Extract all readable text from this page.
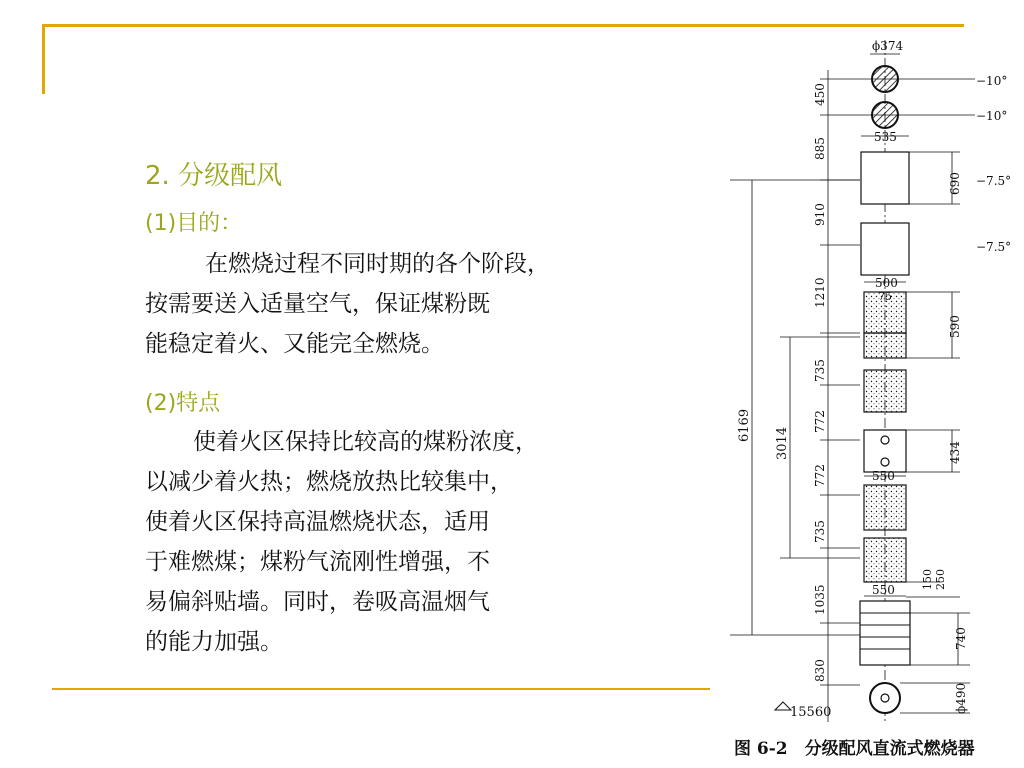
2. 分级配风
(1)目的：
在燃烧过程不同时期的各个阶段，
按需要送入适量空气，保证煤粉既
能稳定着火、又能完全燃烧。
(2)特点
使着火区保持比较高的煤粉浓度，
以减少着火热；燃烧放热比较集中，
使着火区保持高温燃烧状态，适用
于难燃煤；煤粉气流刚性增强，不
易偏斜贴墙。同时，卷吸高温烟气
的能力加强。
ϕ374
−10°
−10°
−7.5°
−7.5°
450
885
910
1210
735
772
772
735
1035
830
6169
3014
535
690
500
75
590
434
550
150 250
550
740
ϕ490
15560
图 6-2　分级配风直流式燃烧器
